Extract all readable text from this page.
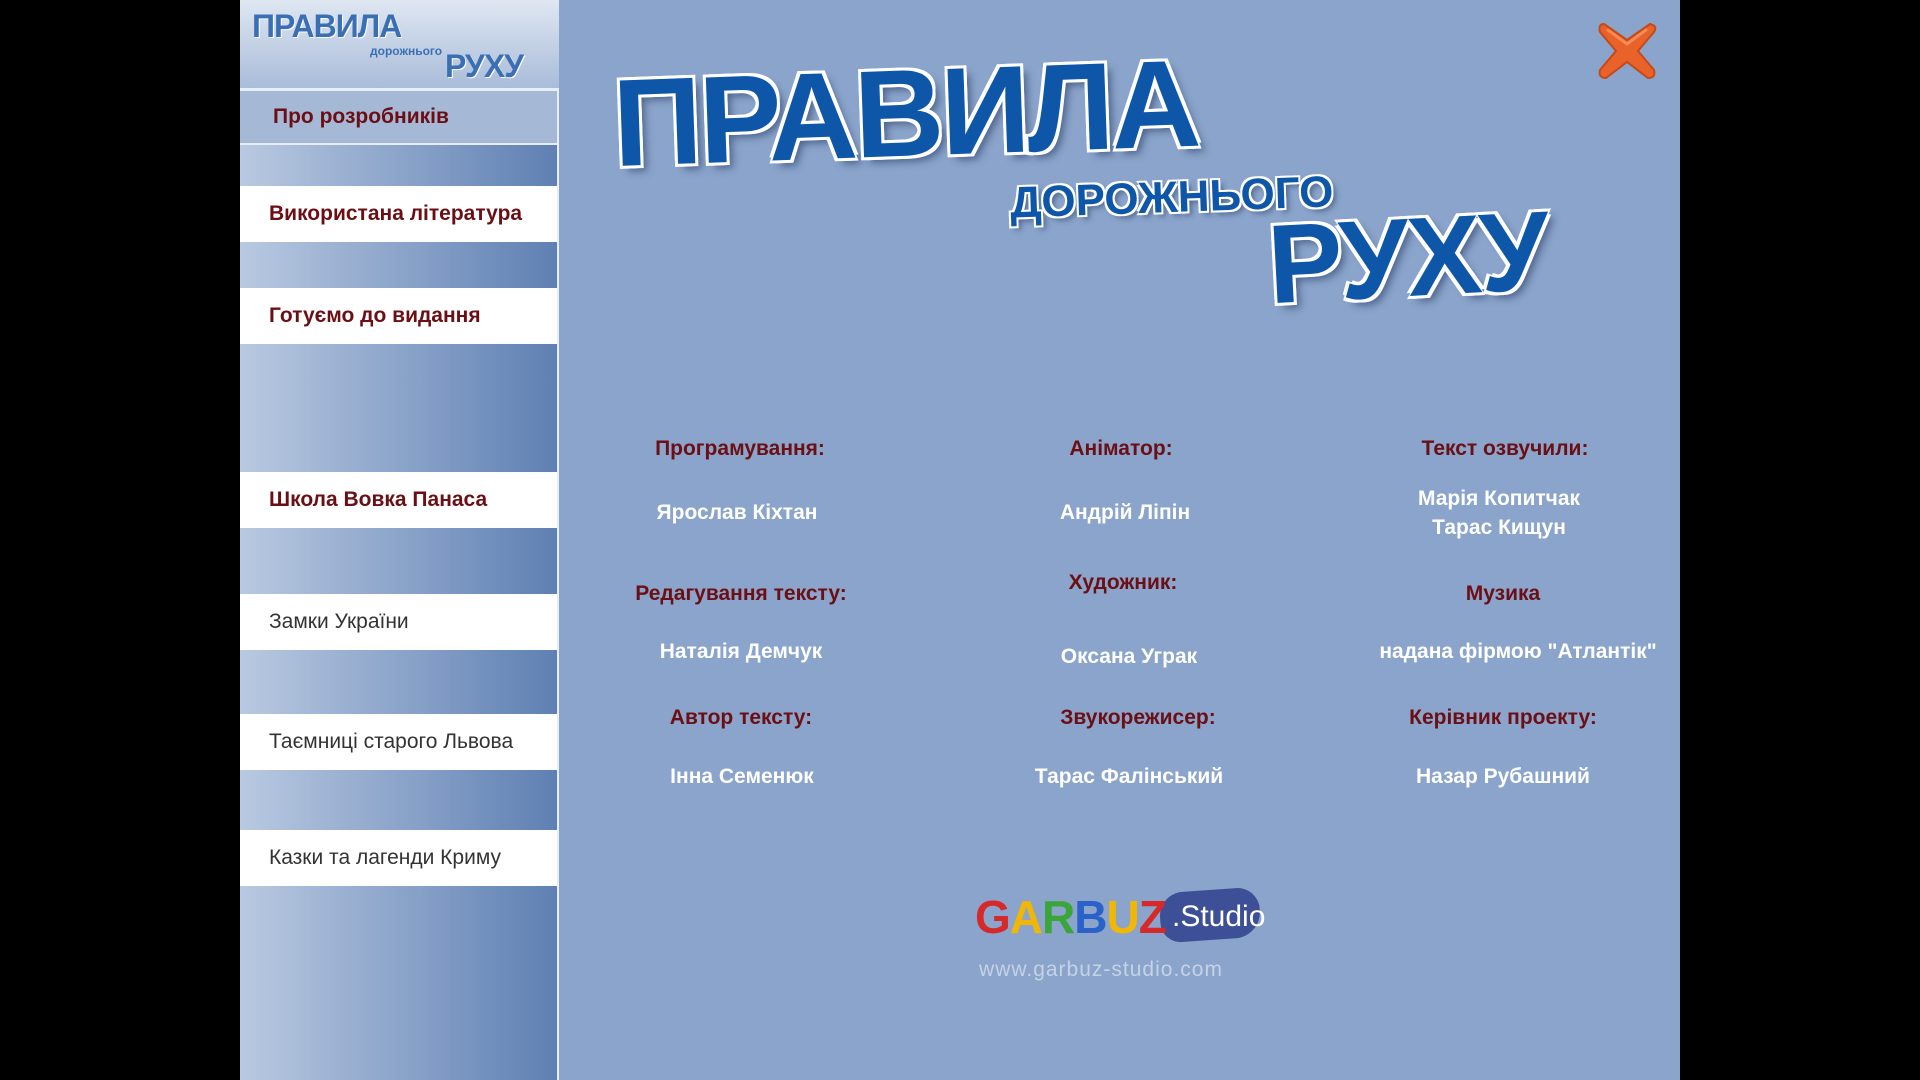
ПРАВИЛА
дорожнього РУХУ
Про розробників
Використана література
Готуємо до видання
Школа Вовка Панаса
Замки України
Таємниці старого Львова
Казки та лагенди Криму
ПРАВИЛА
ДОРОЖНЬОГО
РУХУ
Програмування:
Ярослав Кіхтан
Аніматор:
Андрій Ліпін
Текст озвучили:
Марія Копитчак
Тарас Кищун
Редагування тексту:
Наталія Демчук
Художник:
Оксана Уграк
Музика
надана фірмою "Атлантік"
Автор тексту:
Інна Семенюк
Звукорежисер:
Тарас Фалінський
Керівник проекту:
Назар Рубашний
GARBUZ .Studio
www.garbuz-studio.com
